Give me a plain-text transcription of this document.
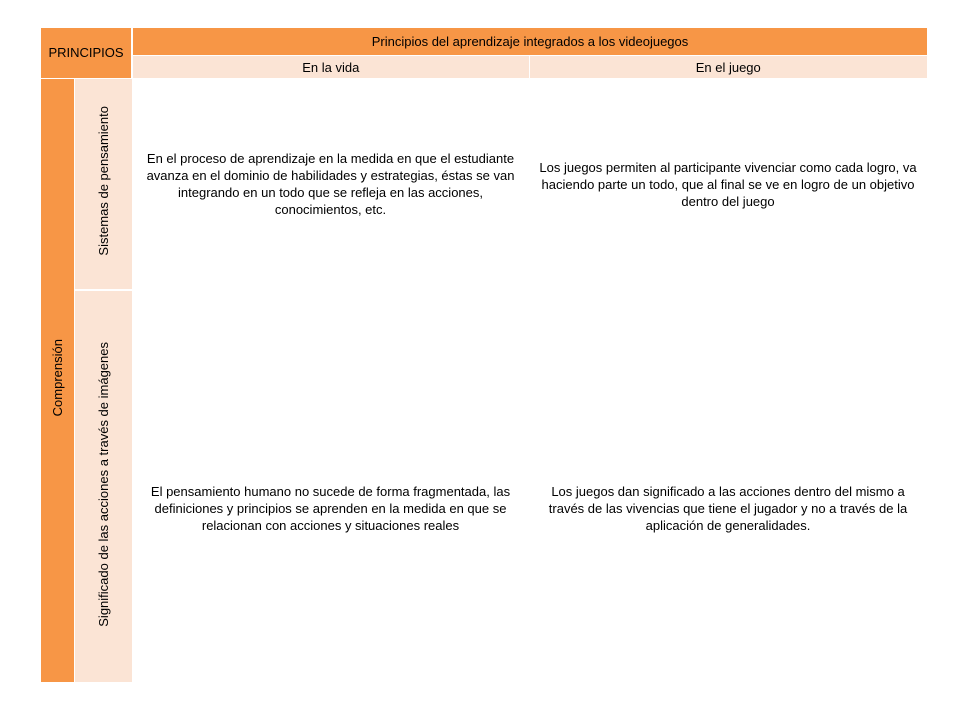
PRINCIPIOS		Principios del aprendizaje integrados a los videojuegos	
		En la vida	En el juego
Comprensión	Sistemas de pensamiento	En el proceso de aprendizaje en la medida en que el estudiante avanza en el dominio de habilidades y estrategias, éstas se van integrando en un todo que se refleja en las acciones, conocimientos, etc.	Los juegos permiten al participante vivenciar como cada logro, va haciendo parte un todo, que al final se ve en logro de un objetivo dentro del juego
	Significado de las acciones a través de imágenes	El pensamiento humano no sucede de forma fragmentada, las definiciones y principios se aprenden en la medida en que se relacionan con acciones y situaciones reales	Los juegos dan significado a las acciones dentro del mismo a través de las vivencias que tiene el jugador y no a través de la aplicación de generalidades.
